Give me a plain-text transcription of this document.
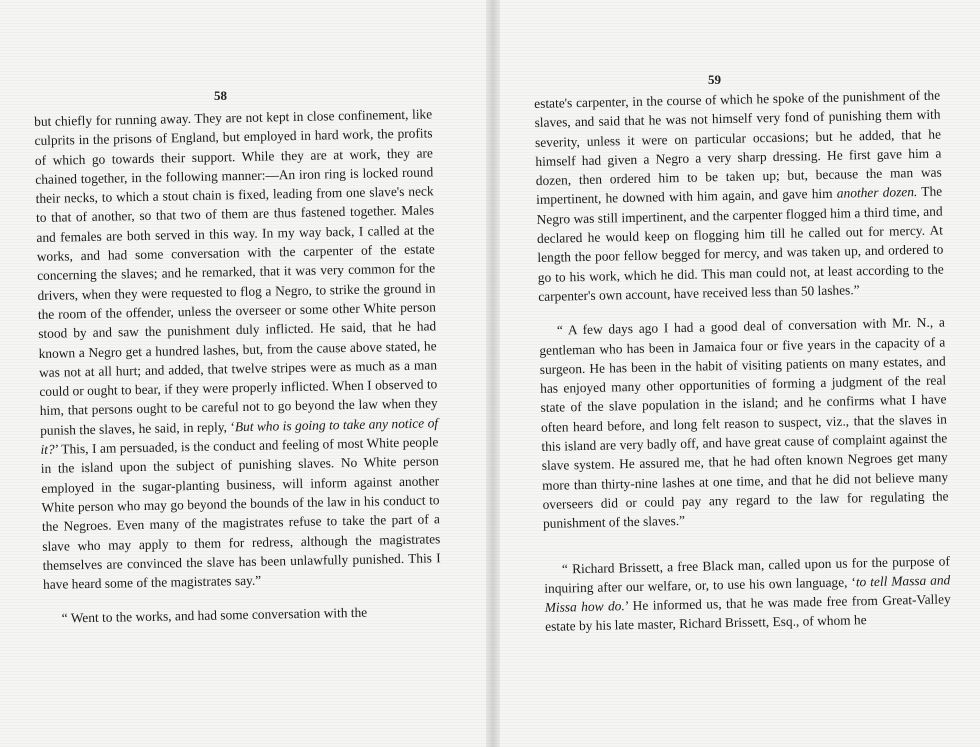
58

but chiefly for running away. They are not kept in close confinement, like culprits in the prisons of England, but employed in hard work, the profits of which go towards their support. While they are at work, they are chained together, in the following manner:—An iron ring is locked round their necks, to which a stout chain is fixed, leading from one slave's neck to that of another, so that two of them are thus fastened together. Males and females are both served in this way. In my way back, I called at the works, and had some conversation with the carpenter of the estate concerning the slaves; and he remarked, that it was very common for the drivers, when they were requested to flog a Negro, to strike the ground in the room of the offender, unless the overseer or some other White person stood by and saw the punishment duly inflicted. He said, that he had known a Negro get a hundred lashes, but, from the cause above stated, he was not at all hurt; and added, that twelve stripes were as much as a man could or ought to bear, if they were properly inflicted. When I observed to him, that persons ought to be careful not to go beyond the law when they punish the slaves, he said, in reply, ‘But who is going to take any notice of it?’ This, I am persuaded, is the conduct and feeling of most White people in the island upon the subject of punishing slaves. No White person employed in the sugar-planting business, will inform against another White person who may go beyond the bounds of the law in his conduct to the Negroes. Even many of the magistrates refuse to take the part of a slave who may apply to them for redress, although the magistrates themselves are convinced the slave has been unlawfully punished. This I have heard some of the magistrates say.”

“ Went to the works, and had some conversation with the

59

estate's carpenter, in the course of which he spoke of the punishment of the slaves, and said that he was not himself very fond of punishing them with severity, unless it were on particular occasions; but he added, that he himself had given a Negro a very sharp dressing. He first gave him a dozen, then ordered him to be taken up; but, because the man was impertinent, he downed with him again, and gave him another dozen. The Negro was still impertinent, and the carpenter flogged him a third time, and declared he would keep on flogging him till he called out for mercy. At length the poor fellow begged for mercy, and was taken up, and ordered to go to his work, which he did. This man could not, at least according to the carpenter's own account, have received less than 50 lashes.”

“ A few days ago I had a good deal of conversation with Mr. N., a gentleman who has been in Jamaica four or five years in the capacity of a surgeon. He has been in the habit of visiting patients on many estates, and has enjoyed many other opportunities of forming a judgment of the real state of the slave population in the island; and he confirms what I have often heard before, and long felt reason to suspect, viz., that the slaves in this island are very badly off, and have great cause of complaint against the slave system. He assured me, that he had often known Negroes get many more than thirty-nine lashes at one time, and that he did not believe many overseers did or could pay any regard to the law for regulating the punishment of the slaves.”

“ Richard Brissett, a free Black man, called upon us for the purpose of inquiring after our welfare, or, to use his own language, ‘to tell Massa and Missa how do.’ He informed us, that he was made free from Great-Valley estate by his late master, Richard Brissett, Esq., of whom he
